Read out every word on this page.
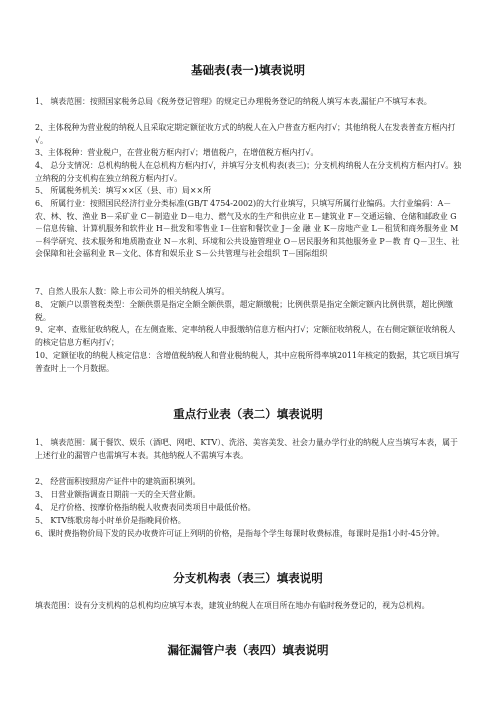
基础表(表一)填表说明

1、 填表范围：按照国家税务总局《税务登记管理》的规定已办理税务登记的纳税人填写本表,漏征户不填写本表。

2、主体税种为营业税的纳税人且采取定期定额征收方式的纳税人在入户普查方框内打√；其他纳税人在发表普查方框内打√。

3、主体税种：营业税户，在营业税方框内打√；增值税户，在增值税方框内打√。

4、 总分支情况：总机构纳税人在总机构方框内打√，并填写分支机构表(表三)；分支机构纳税人在分支机构方框内打√。独立纳税的分支机构在独立纳税方框内打√。

5、 所属税务机关：填写××区（县、市）局××所

6、 所属行业：按照国民经济行业分类标准(GB/T 4754-2002)的大行业填写，只填写所属行业编码。大行业编码：A－农、林、牧、渔业 B－采矿业 C－制造业 D－电力、燃气及水的生产和供应业 E－建筑业 F－交通运输、仓储和邮政业 G－信息传输、计算机服务和软件业 H－批发和零售业 I－住宿和餐饮业 J－金 融 业 K－房地产业 L－租赁和商务服务业 M－科学研究、技术服务和地质勘查业 N－水利、环境和公共设施管理业 O－居民服务和其他服务业 P－教 育 Q－卫生、社会保障和社会福利业 R－文化、体育和娱乐业 S－公共管理与社会组织 T－国际组织

7、自然人股东人数：除上市公司外的相关纳税人填写。

8、 定额户以票管税类型：全额供票是指定全额全额供票，超定额缴税；比例供票是指定全额定额内比例供票，超比例缴税。

9、定率、查账征收纳税人，在左侧查账、定率纳税人申报缴纳信息方框内打√；定额征收纳税人，在右侧定额征收纳税人的核定信息方框内打√；

10、定额征收的纳税人核定信息：含增值税纳税人和营业税纳税人，其中应税所得率填2011年核定的数据，其它项目填写普查时上一个月数据。

重点行业表（表二）填表说明

1、 填表范围：属于餐饮、娱乐（酒吧、网吧、KTV）、洗浴、美容美发、社会力量办学行业的纳税人应当填写本表，属于上述行业的漏管户也需填写本表。其他纳税人不需填写本表。

2、 经营面积按照房产证件中的建筑面积填列。

3、 日营业额指调查日期前一天的全天营业额。

4、 足疗价格、按摩价格指纳税人收费表同类项目中最低价格。

5、 KTV练歌房每小时单价是指晚间价格。

6、课时费指物价局下发的民办收费许可证上列明的价格，是指每个学生每课时收费标准，每课时是指1小时-45分钟。

分支机构表（表三）填表说明

填表范围：设有分支机构的总机构均应填写本表，建筑业纳税人在项目所在地办有临时税务登记的，视为总机构。

漏征漏管户表（表四）填表说明
